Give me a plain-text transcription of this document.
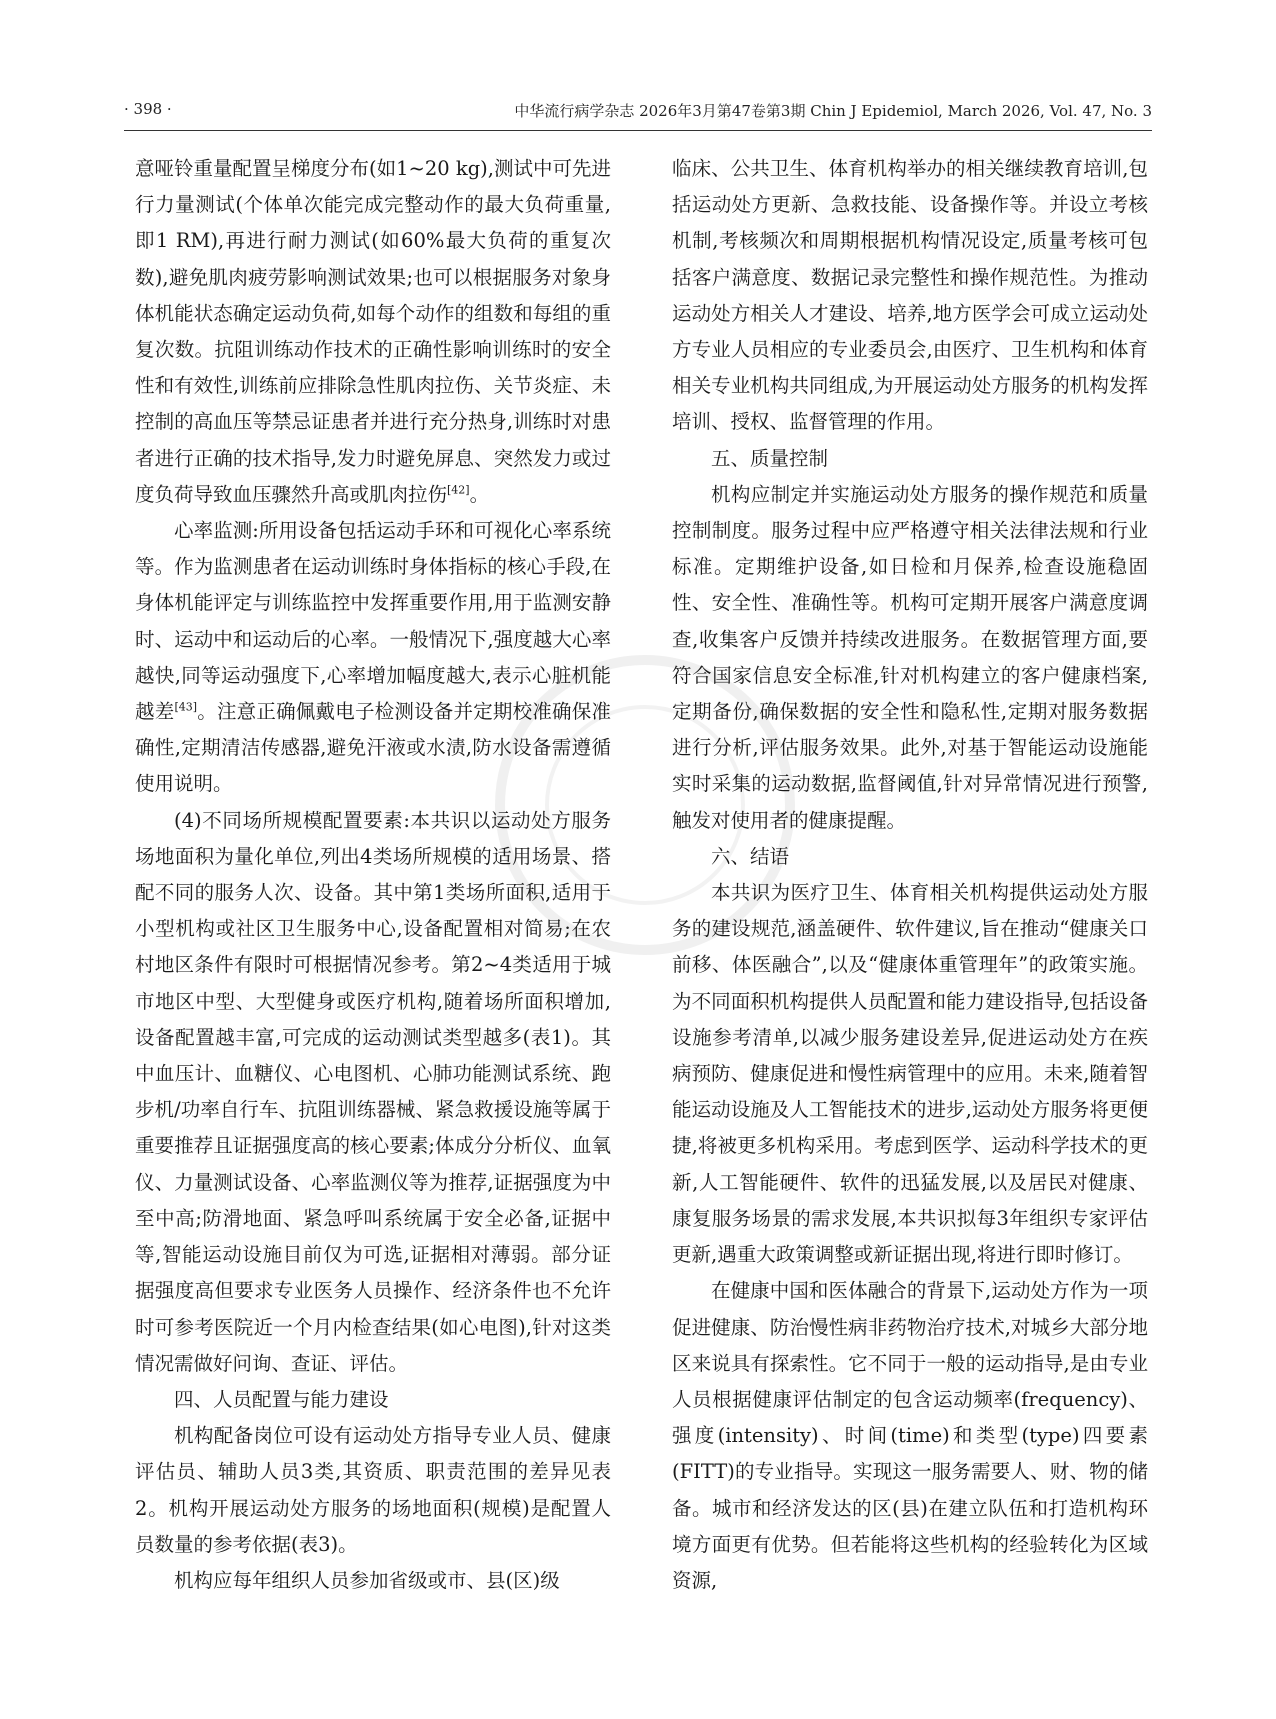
· 398 ·	中华流行病学杂志 2026年3月第47卷第3期 Chin J Epidemiol, March 2026, Vol. 47, No. 3

意哑铃重量配置呈梯度分布(如1~20 kg),测试中可先进行力量测试(个体单次能完成完整动作的最大负荷重量,即1 RM),再进行耐力测试(如60%最大负荷的重复次数),避免肌肉疲劳影响测试效果;也可以根据服务对象身体机能状态确定运动负荷,如每个动作的组数和每组的重复次数。抗阻训练动作技术的正确性影响训练时的安全性和有效性,训练前应排除急性肌肉拉伤、关节炎症、未控制的高血压等禁忌证患者并进行充分热身,训练时对患者进行正确的技术指导,发力时避免屏息、突然发力或过度负荷导致血压骤然升高或肌肉拉伤[42]。

心率监测:所用设备包括运动手环和可视化心率系统等。作为监测患者在运动训练时身体指标的核心手段,在身体机能评定与训练监控中发挥重要作用,用于监测安静时、运动中和运动后的心率。一般情况下,强度越大心率越快,同等运动强度下,心率增加幅度越大,表示心脏机能越差[43]。注意正确佩戴电子检测设备并定期校准确保准确性,定期清洁传感器,避免汗液或水渍,防水设备需遵循使用说明。

(4)不同场所规模配置要素:本共识以运动处方服务场地面积为量化单位,列出4类场所规模的适用场景、搭配不同的服务人次、设备。其中第1类场所面积,适用于小型机构或社区卫生服务中心,设备配置相对简易;在农村地区条件有限时可根据情况参考。第2~4类适用于城市地区中型、大型健身或医疗机构,随着场所面积增加,设备配置越丰富,可完成的运动测试类型越多(表1)。其中血压计、血糖仪、心电图机、心肺功能测试系统、跑步机/功率自行车、抗阻训练器械、紧急救援设施等属于重要推荐且证据强度高的核心要素;体成分分析仪、血氧仪、力量测试设备、心率监测仪等为推荐,证据强度为中至中高;防滑地面、紧急呼叫系统属于安全必备,证据中等,智能运动设施目前仅为可选,证据相对薄弱。部分证据强度高但要求专业医务人员操作、经济条件也不允许时可参考医院近一个月内检查结果(如心电图),针对这类情况需做好问询、查证、评估。

四、人员配置与能力建设

机构配备岗位可设有运动处方指导专业人员、健康评估员、辅助人员3类,其资质、职责范围的差异见表2。机构开展运动处方服务的场地面积(规模)是配置人员数量的参考依据(表3)。

机构应每年组织人员参加省级或市、县(区)级

临床、公共卫生、体育机构举办的相关继续教育培训,包括运动处方更新、急救技能、设备操作等。并设立考核机制,考核频次和周期根据机构情况设定,质量考核可包括客户满意度、数据记录完整性和操作规范性。为推动运动处方相关人才建设、培养,地方医学会可成立运动处方专业人员相应的专业委员会,由医疗、卫生机构和体育相关专业机构共同组成,为开展运动处方服务的机构发挥培训、授权、监督管理的作用。

五、质量控制

机构应制定并实施运动处方服务的操作规范和质量控制制度。服务过程中应严格遵守相关法律法规和行业标准。定期维护设备,如日检和月保养,检查设施稳固性、安全性、准确性等。机构可定期开展客户满意度调查,收集客户反馈并持续改进服务。在数据管理方面,要符合国家信息安全标准,针对机构建立的客户健康档案,定期备份,确保数据的安全性和隐私性,定期对服务数据进行分析,评估服务效果。此外,对基于智能运动设施能实时采集的运动数据,监督阈值,针对异常情况进行预警,触发对使用者的健康提醒。

六、结语

本共识为医疗卫生、体育相关机构提供运动处方服务的建设规范,涵盖硬件、软件建议,旨在推动“健康关口前移、体医融合”,以及“健康体重管理年”的政策实施。为不同面积机构提供人员配置和能力建设指导,包括设备设施参考清单,以减少服务建设差异,促进运动处方在疾病预防、健康促进和慢性病管理中的应用。未来,随着智能运动设施及人工智能技术的进步,运动处方服务将更便捷,将被更多机构采用。考虑到医学、运动科学技术的更新,人工智能硬件、软件的迅猛发展,以及居民对健康、康复服务场景的需求发展,本共识拟每3年组织专家评估更新,遇重大政策调整或新证据出现,将进行即时修订。

在健康中国和医体融合的背景下,运动处方作为一项促进健康、防治慢性病非药物治疗技术,对城乡大部分地区来说具有探索性。它不同于一般的运动指导,是由专业人员根据健康评估制定的包含运动频率(frequency)、强度(intensity)、时间(time)和类型(type)四要素(FITT)的专业指导。实现这一服务需要人、财、物的储备。城市和经济发达的区(县)在建立队伍和打造机构环境方面更有优势。但若能将这些机构的经验转化为区域资源,
